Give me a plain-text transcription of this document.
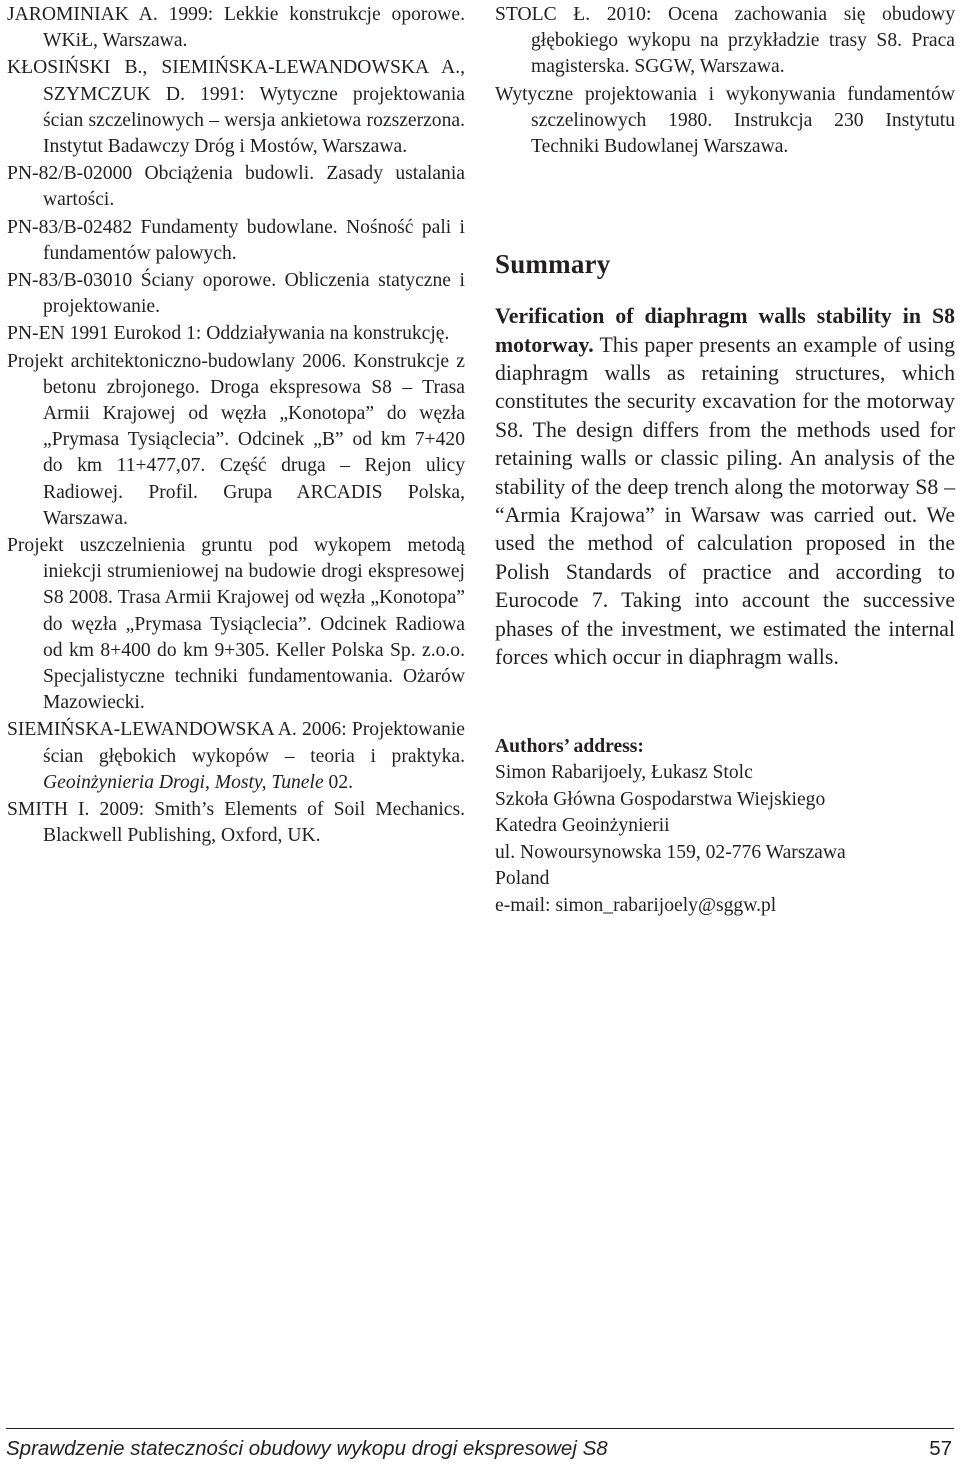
JAROMINIAK A. 1999: Lekkie konstrukcje oporowe. WKiŁ, Warszawa.

KŁOSIŃSKI B., SIEMIŃSKA-LEWANDOWSKA A., SZYMCZUK D. 1991: Wytyczne projektowania ścian szczelinowych – wersja ankietowa rozszerzona. Instytut Badawczy Dróg i Mostów, Warszawa.

PN-82/B-02000 Obciążenia budowli. Zasady ustalania wartości.

PN-83/B-02482 Fundamenty budowlane. Nośność pali i fundamentów palowych.

PN-83/B-03010 Ściany oporowe. Obliczenia statyczne i projektowanie.

PN-EN 1991 Eurokod 1: Oddziaływania na konstrukcję.

Projekt architektoniczno-budowlany 2006. Konstrukcje z betonu zbrojonego. Droga ekspresowa S8 – Trasa Armii Krajowej od węzła „Konotopa” do węzła „Prymasa Tysiąclecia”. Odcinek „B” od km 7+420 do km 11+477,07. Część druga – Rejon ulicy Radiowej. Profil. Grupa ARCADIS Polska, Warszawa.

Projekt uszczelnienia gruntu pod wykopem metodą iniekcji strumieniowej na budowie drogi ekspresowej S8 2008. Trasa Armii Krajowej od węzła „Konotopa” do węzła „Prymasa Tysiąclecia”. Odcinek Radiowa od km 8+400 do km 9+305. Keller Polska Sp. z.o.o. Specjalistyczne techniki fundamentowania. Ożarów Mazowiecki.

SIEMIŃSKA-LEWANDOWSKA A. 2006: Projektowanie ścian głębokich wykopów – teoria i praktyka. Geoinżynieria Drogi, Mosty, Tunele 02.

SMITH I. 2009: Smith’s Elements of Soil Mechanics. Blackwell Publishing, Oxford, UK.

STOLC Ł. 2010: Ocena zachowania się obudowy głębokiego wykopu na przykładzie trasy S8. Praca magisterska. SGGW, Warszawa.

Wytyczne projektowania i wykonywania fundamentów szczelinowych 1980. Instrukcja 230 Instytutu Techniki Budowlanej Warszawa.

Summary

Verification of diaphragm walls stability in S8 motorway. This paper presents an example of using diaphragm walls as retaining structures, which constitutes the security excavation for the motorway S8. The design differs from the methods used for retaining walls or classic piling. An analysis of the stability of the deep trench along the motorway S8 – “Armia Krajowa” in Warsaw was carried out. We used the method of calculation proposed in the Polish Standards of practice and according to Eurocode 7. Taking into account the successive phases of the investment, we estimated the internal forces which occur in diaphragm walls.

Authors’ address:
Simon Rabarijoely, Łukasz Stolc
Szkoła Główna Gospodarstwa Wiejskiego
Katedra Geoinżynierii
ul. Nowoursynowska 159, 02-776 Warszawa
Poland
e-mail: simon_rabarijoely@sggw.pl
Sprawdzenie stateczności obudowy wykopu drogi ekspresowej S8	57
